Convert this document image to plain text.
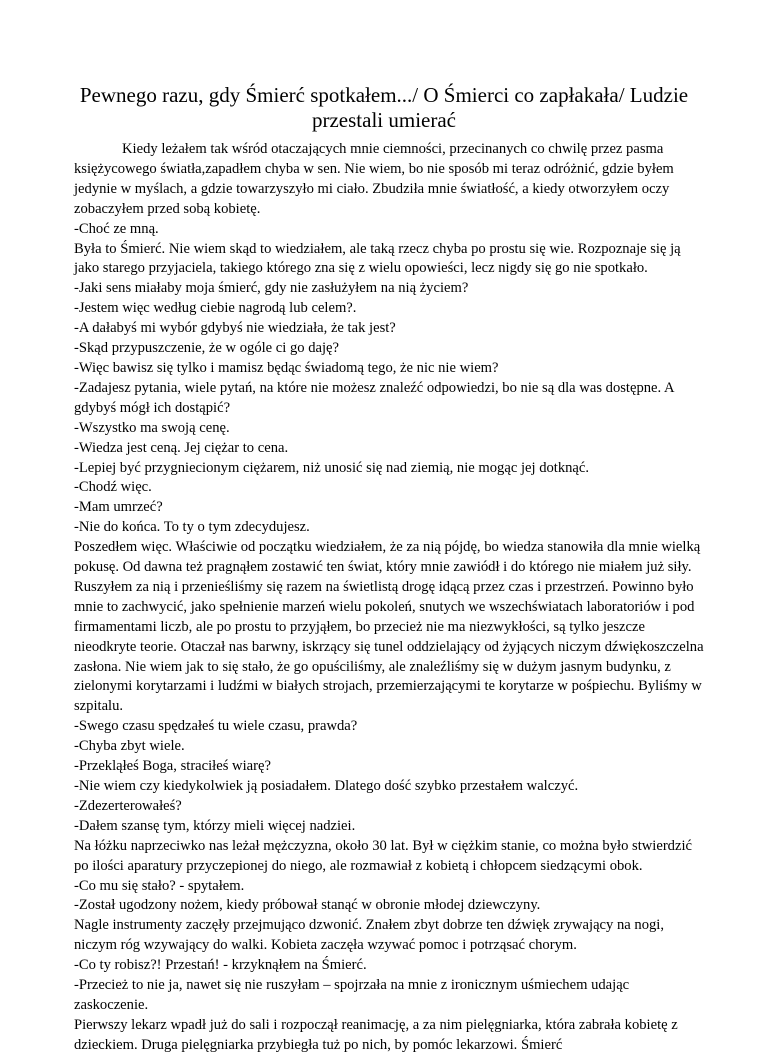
Pewnego razu, gdy Śmierć spotkałem.../ O Śmierci co zapłakała/ Ludzie
przestali umierać

Kiedy leżałem tak wśród otaczających mnie ciemności, przecinanych co chwilę przez pasma księżycowego światła,zapadłem chyba w sen. Nie wiem, bo nie sposób mi teraz odróżnić, gdzie byłem jedynie w myślach, a gdzie towarzyszyło mi ciało. Zbudziła mnie światłość, a kiedy otworzyłem oczy zobaczyłem przed sobą kobietę.

-Choć ze mną.

Była to Śmierć. Nie wiem skąd to wiedziałem, ale taką rzecz chyba po prostu się wie. Rozpoznaje się ją jako starego przyjaciela, takiego którego zna się z wielu opowieści, lecz nigdy się go nie spotkało.

-Jaki sens miałaby moja śmierć, gdy nie zasłużyłem na nią życiem?

-Jestem więc według ciebie nagrodą lub celem?.

-A dałabyś mi wybór gdybyś nie wiedziała, że tak jest?

-Skąd przypuszczenie, że w ogóle ci go daję?

-Więc bawisz się tylko i mamisz będąc świadomą tego, że nic nie wiem?

-Zadajesz pytania, wiele pytań, na które nie możesz znaleźć odpowiedzi, bo nie są dla was dostępne. A gdybyś mógł ich dostąpić?

-Wszystko ma swoją cenę.

-Wiedza jest ceną. Jej ciężar to cena.

-Lepiej być przygniecionym ciężarem, niż unosić się nad ziemią, nie mogąc jej dotknąć.

-Chodź więc.

-Mam umrzeć?

-Nie do końca. To ty o tym zdecydujesz.

Poszedłem więc. Właściwie od początku wiedziałem, że za nią pójdę, bo wiedza stanowiła dla mnie wielką pokusę. Od dawna też pragnąłem zostawić ten świat, który mnie zawiódł i do którego nie miałem już siły. Ruszyłem za nią i przenieśliśmy się razem na świetlistą drogę idącą przez czas i przestrzeń. Powinno było mnie to zachwycić, jako spełnienie marzeń wielu pokoleń, snutych we wszechświatach laboratoriów i pod firmamentami liczb, ale po prostu to przyjąłem, bo przecież nie ma niezwykłości, są tylko jeszcze nieodkryte teorie. Otaczał nas barwny, iskrzący się tunel oddzielający od żyjących niczym dźwiękoszczelna zasłona. Nie wiem jak to się stało, że go opuściliśmy, ale znaleźliśmy się w dużym jasnym budynku, z zielonymi korytarzami i ludźmi w białych strojach, przemierzającymi te korytarze w pośpiechu. Byliśmy w szpitalu.

-Swego czasu spędzałeś tu wiele czasu, prawda?

-Chyba zbyt wiele.

-Przekląłeś Boga, straciłeś wiarę?

-Nie wiem czy kiedykolwiek ją posiadałem. Dlatego dość szybko przestałem walczyć.

-Zdezerterowałeś?

-Dałem szansę tym, którzy mieli więcej nadziei.

Na łóżku naprzeciwko nas leżał mężczyzna, około 30 lat. Był w ciężkim stanie, co można było stwierdzić po ilości aparatury przyczepionej do niego, ale rozmawiał z kobietą i chłopcem siedzącymi obok.

-Co mu się stało? - spytałem.

-Został ugodzony nożem, kiedy próbował stanąć w obronie młodej dziewczyny.

Nagle instrumenty zaczęły przejmująco dzwonić. Znałem zbyt dobrze ten dźwięk zrywający na nogi, niczym róg wzywający do walki. Kobieta zaczęła wzywać pomoc i potrząsać chorym.

-Co ty robisz?! Przestań! - krzyknąłem na Śmierć.

-Przecież to nie ja, nawet się nie ruszyłam – spojrzała na mnie z ironicznym uśmiechem udając zaskoczenie.

Pierwszy lekarz wpadł już do sali i rozpoczął reanimację, a za nim pielęgniarka, która zabrała kobietę z dzieckiem. Druga pielęgniarka przybiegła tuż po nich, by pomóc lekarzowi. Śmierć
